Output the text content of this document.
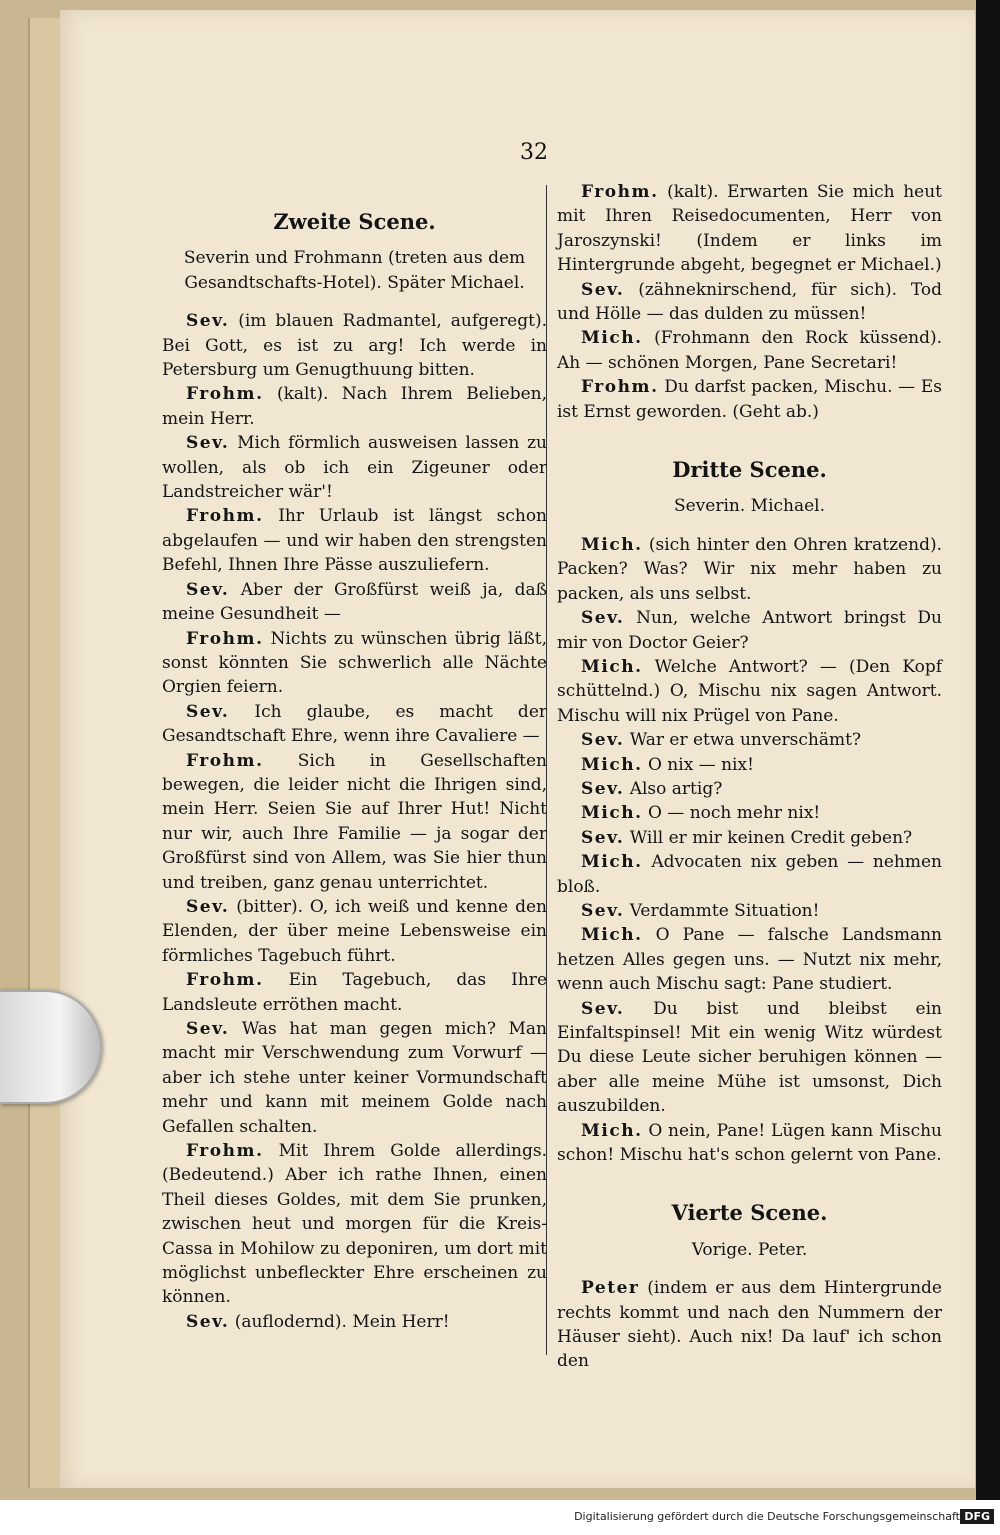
32
Zweite Scene.
Severin und Frohmann (treten aus dem Gesandtschafts-Hotel). Später Michael.
Sev. (im blauen Radmantel, aufgeregt). Bei Gott, es ist zu arg! Ich werde in Petersburg um Genugthuung bitten.
Frohm. (kalt). Nach Ihrem Belieben, mein Herr.
Sev. Mich förmlich ausweisen lassen zu wollen, als ob ich ein Zigeuner oder Landstreicher wär'!
Frohm. Ihr Urlaub ist längst schon abgelaufen — und wir haben den strengsten Befehl, Ihnen Ihre Pässe auszuliefern.
Sev. Aber der Großfürst weiß ja, daß meine Gesundheit —
Frohm. Nichts zu wünschen übrig läßt, sonst könnten Sie schwerlich alle Nächte Orgien feiern.
Sev. Ich glaube, es macht der Gesandtschaft Ehre, wenn ihre Cavaliere —
Frohm. Sich in Gesellschaften bewegen, die leider nicht die Ihrigen sind, mein Herr. Seien Sie auf Ihrer Hut! Nicht nur wir, auch Ihre Familie — ja sogar der Großfürst sind von Allem, was Sie hier thun und treiben, ganz genau unterrichtet.
Sev. (bitter). O, ich weiß und kenne den Elenden, der über meine Lebensweise ein förmliches Tagebuch führt.
Frohm. Ein Tagebuch, das Ihre Landsleute erröthen macht.
Sev. Was hat man gegen mich? Man macht mir Verschwendung zum Vorwurf — aber ich stehe unter keiner Vormundschaft mehr und kann mit meinem Golde nach Gefallen schalten.
Frohm. Mit Ihrem Golde allerdings. (Bedeutend.) Aber ich rathe Ihnen, einen Theil dieses Goldes, mit dem Sie prunken, zwischen heut und morgen für die Kreis-Cassa in Mohilow zu deponiren, um dort mit möglichst unbefleckter Ehre erscheinen zu können.
Sev. (auflodernd). Mein Herr!
Frohm. (kalt). Erwarten Sie mich heut mit Ihren Reisedocumenten, Herr von Jaroszynski! (Indem er links im Hintergrunde abgeht, begegnet er Michael.)
Sev. (zähneknirschend, für sich). Tod und Hölle — das dulden zu müssen!
Mich. (Frohmann den Rock küssend). Ah — schönen Morgen, Pane Secretari!
Frohm. Du darfst packen, Mischu. — Es ist Ernst geworden. (Geht ab.)
Dritte Scene.
Severin. Michael.
Mich. (sich hinter den Ohren kratzend). Packen? Was? Wir nix mehr haben zu packen, als uns selbst.
Sev. Nun, welche Antwort bringst Du mir von Doctor Geier?
Mich. Welche Antwort? — (Den Kopf schüttelnd.) O, Mischu nix sagen Antwort. Mischu will nix Prügel von Pane.
Sev. War er etwa unverschämt?
Mich. O nix — nix!
Sev. Also artig?
Mich. O — noch mehr nix!
Sev. Will er mir keinen Credit geben?
Mich. Advocaten nix geben — nehmen bloß.
Sev. Verdammte Situation!
Mich. O Pane — falsche Landsmann hetzen Alles gegen uns. — Nutzt nix mehr, wenn auch Mischu sagt: Pane studiert.
Sev. Du bist und bleibst ein Einfaltspinsel! Mit ein wenig Witz würdest Du diese Leute sicher beruhigen können — aber alle meine Mühe ist umsonst, Dich auszubilden.
Mich. O nein, Pane! Lügen kann Mischu schon! Mischu hat's schon gelernt von Pane.
Vierte Scene.
Vorige. Peter.
Peter (indem er aus dem Hintergrunde rechts kommt und nach den Nummern der Häuser sieht). Auch nix! Da lauf' ich schon den
Digitalisierung gefördert durch die Deutsche Forschungsgemeinschaft DFG
